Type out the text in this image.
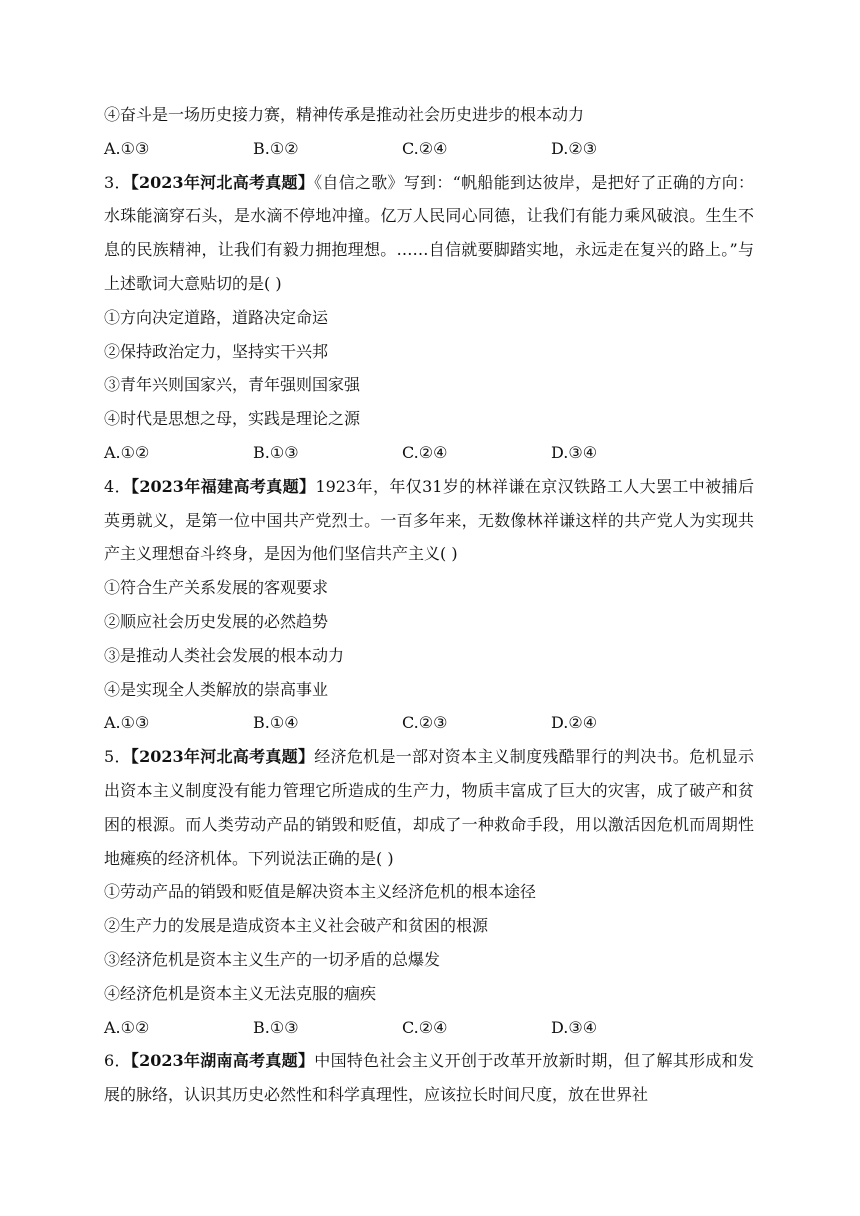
④奋斗是一场历史接力赛，精神传承是推动社会历史进步的根本动力
A.①③	B.①②	C.②④	D.②③
3．【2023年河北高考真题】《自信之歌》写到：“帆船能到达彼岸，是把好了正确的方向：水珠能滴穿石头，是水滴不停地冲撞。亿万人民同心同德，让我们有能力乘风破浪。生生不息的民族精神，让我们有毅力拥抱理想。……自信就要脚踏实地，永远走在复兴的路上。”与上述歌词大意贴切的是( )
①方向决定道路，道路决定命运
②保持政治定力，坚持实干兴邦
③青年兴则国家兴，青年强则国家强
④时代是思想之母，实践是理论之源
A.①②	B.①③	C.②④	D.③④
4．【2023年福建高考真题】1923年，年仅31岁的林祥谦在京汉铁路工人大罢工中被捕后英勇就义，是第一位中国共产党烈士。一百多年来，无数像林祥谦这样的共产党人为实现共产主义理想奋斗终身，是因为他们坚信共产主义( )
①符合生产关系发展的客观要求
②顺应社会历史发展的必然趋势
③是推动人类社会发展的根本动力
④是实现全人类解放的崇高事业
A.①③	B.①④	C.②③	D.②④
5．【2023年河北高考真题】经济危机是一部对资本主义制度残酷罪行的判决书。危机显示出资本主义制度没有能力管理它所造成的生产力，物质丰富成了巨大的灾害，成了破产和贫困的根源。而人类劳动产品的销毁和贬值，却成了一种救命手段，用以激活因危机而周期性地瘫痪的经济机体。下列说法正确的是( )
①劳动产品的销毁和贬值是解决资本主义经济危机的根本途径
②生产力的发展是造成资本主义社会破产和贫困的根源
③经济危机是资本主义生产的一切矛盾的总爆发
④经济危机是资本主义无法克服的痼疾
A.①②	B.①③	C.②④	D.③④
6．【2023年湖南高考真题】中国特色社会主义开创于改革开放新时期，但了解其形成和发展的脉络，认识其历史必然性和科学真理性，应该拉长时间尺度，放在世界社
